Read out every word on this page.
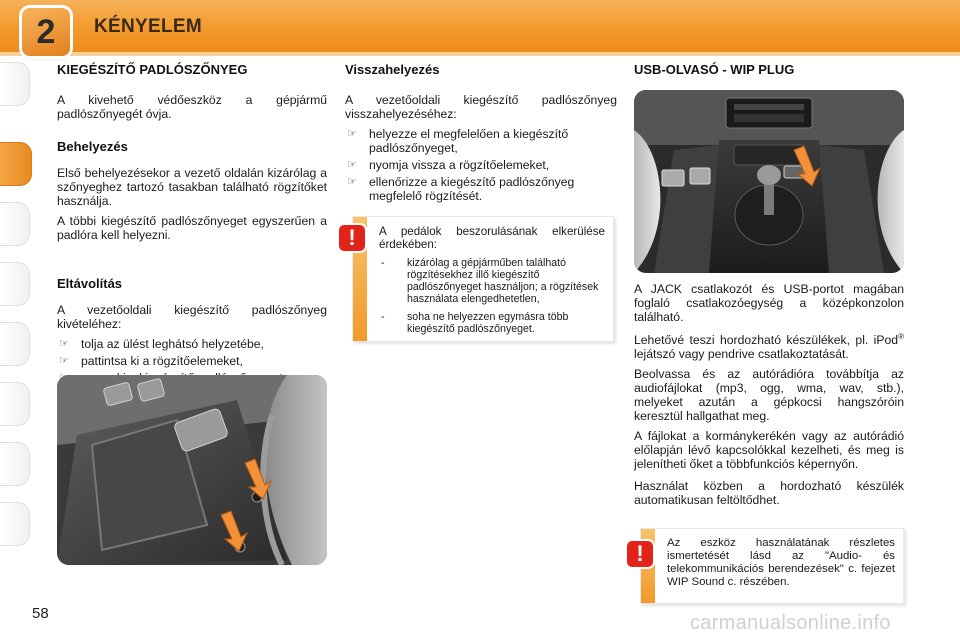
2	KÉNYELEM
KIEGÉSZÍTŐ PADLÓSZŐNYEG

A kivehető védőeszköz a gépjármű padlószőnyegét óvja.

Behelyezés

Első behelyezésekor a vezető oldalán kizárólag a szőnyeghez tartozó tasakban található rögzítőket használja.

A többi kiegészítő padlószőnyeget egyszerűen a padlóra kell helyezni.

Eltávolítás

A vezetőoldali kiegészítő padlószőnyeg kivételéhez:

☞ tolja az ülést leghátsó helyzetébe,
☞ pattintsa ki a rögzítőelemeket,
Visszahelyezés

A vezetőoldali kiegészítő padlószőnyeg visszahelyezéséhez:

☞ helyezze el megfelelően a kiegészítő padlószőnyeget,
☞ nyomja vissza a rögzítőelemeket,
☞ ellenőrizze a kiegészítő padlószőnyeg megfelelő rögzítését.
!	A pedálok beszorulásának elkerülése érdekében:

- kizárólag a gépjárműben található rögzítésekhez illő kiegészítő padlószőnyeget használjon; a rögzítések használata elengedhetetlen,
- soha ne helyezzen egymásra több kiegészítő padlószőnyeget.
USB-OLVASÓ - WIP PLUG

A JACK csatlakozót és USB-portot magában foglaló csatlakozóegység a középkonzolon található.

Lehetővé teszi hordozható készülékek, pl. iPod® lejátszó vagy pendrive csatlakoztatását.

Beolvassa és az autórádióra továbbítja az audiofájlokat (mp3, ogg, wma, wav, stb.), melyeket azután a gépkocsi hangszóróin keresztül hallgathat meg.

A fájlokat a kormánykerékén vagy az autórádió előlapján lévő kapcsolókkal kezelheti, és meg is jelenítheti őket a többfunkciós képernyőn.

Használat közben a hordozható készülék automatikusan feltöltődhet.

!	Az eszköz használatának részletes ismertetését lásd az "Audio- és telekommunikációs berendezések" c. fejezet WIP Sound c. részében.

58	carmanualsonline.info
